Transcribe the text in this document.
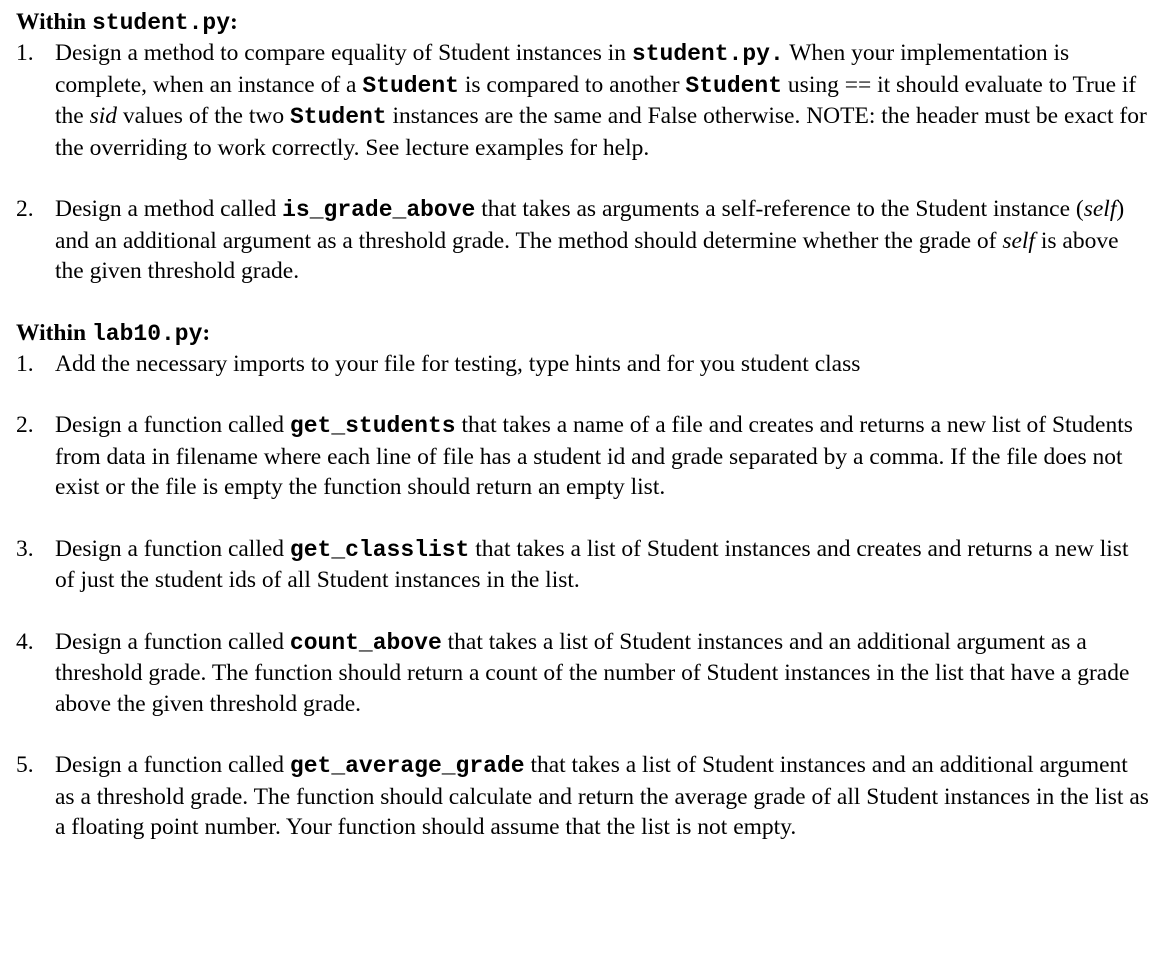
Within student.py:

1. Design a method to compare equality of Student instances in student.py. When your implementation is complete, when an instance of a Student is compared to another Student using == it should evaluate to True if the sid values of the two Student instances are the same and False otherwise. NOTE: the header must be exact for the overriding to work correctly. See lecture examples for help.
2. Design a method called is_grade_above that takes as arguments a self-reference to the Student instance (self) and an additional argument as a threshold grade. The method should determine whether the grade of self is above the given threshold grade.

Within lab10.py:

1. Add the necessary imports to your file for testing, type hints and for you student class
2. Design a function called get_students that takes a name of a file and creates and returns a new list of Students from data in filename where each line of file has a student id and grade separated by a comma. If the file does not exist or the file is empty the function should return an empty list.
3. Design a function called get_classlist that takes a list of Student instances and creates and returns a new list of just the student ids of all Student instances in the list.
4. Design a function called count_above that takes a list of Student instances and an additional argument as a threshold grade. The function should return a count of the number of Student instances in the list that have a grade above the given threshold grade.
5. Design a function called get_average_grade that takes a list of Student instances and an additional argument as a threshold grade. The function should calculate and return the average grade of all Student instances in the list as a floating point number. Your function should assume that the list is not empty.
